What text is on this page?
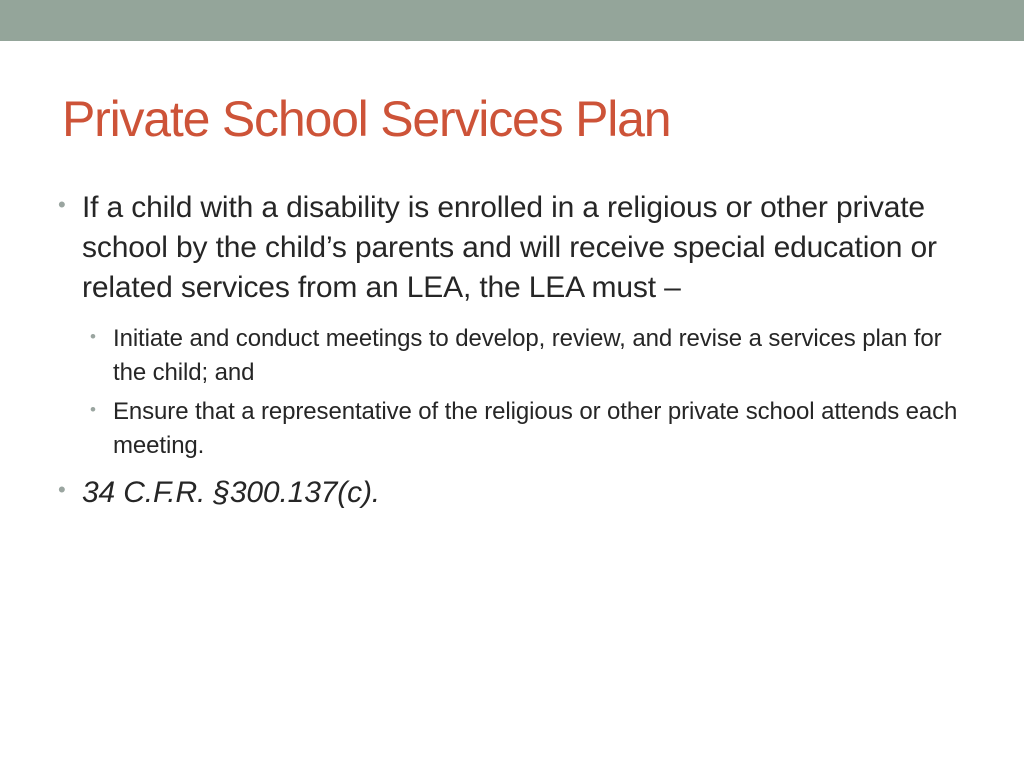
Private School Services Plan
• If a child with a disability is enrolled in a religious or other private school by the child’s parents and will receive special education or related services from an LEA, the LEA must –
• Initiate and conduct meetings to develop, review, and revise a services plan for the child; and
• Ensure that a representative of the religious or other private school attends each meeting.
• 34 C.F.R. §300.137(c).
